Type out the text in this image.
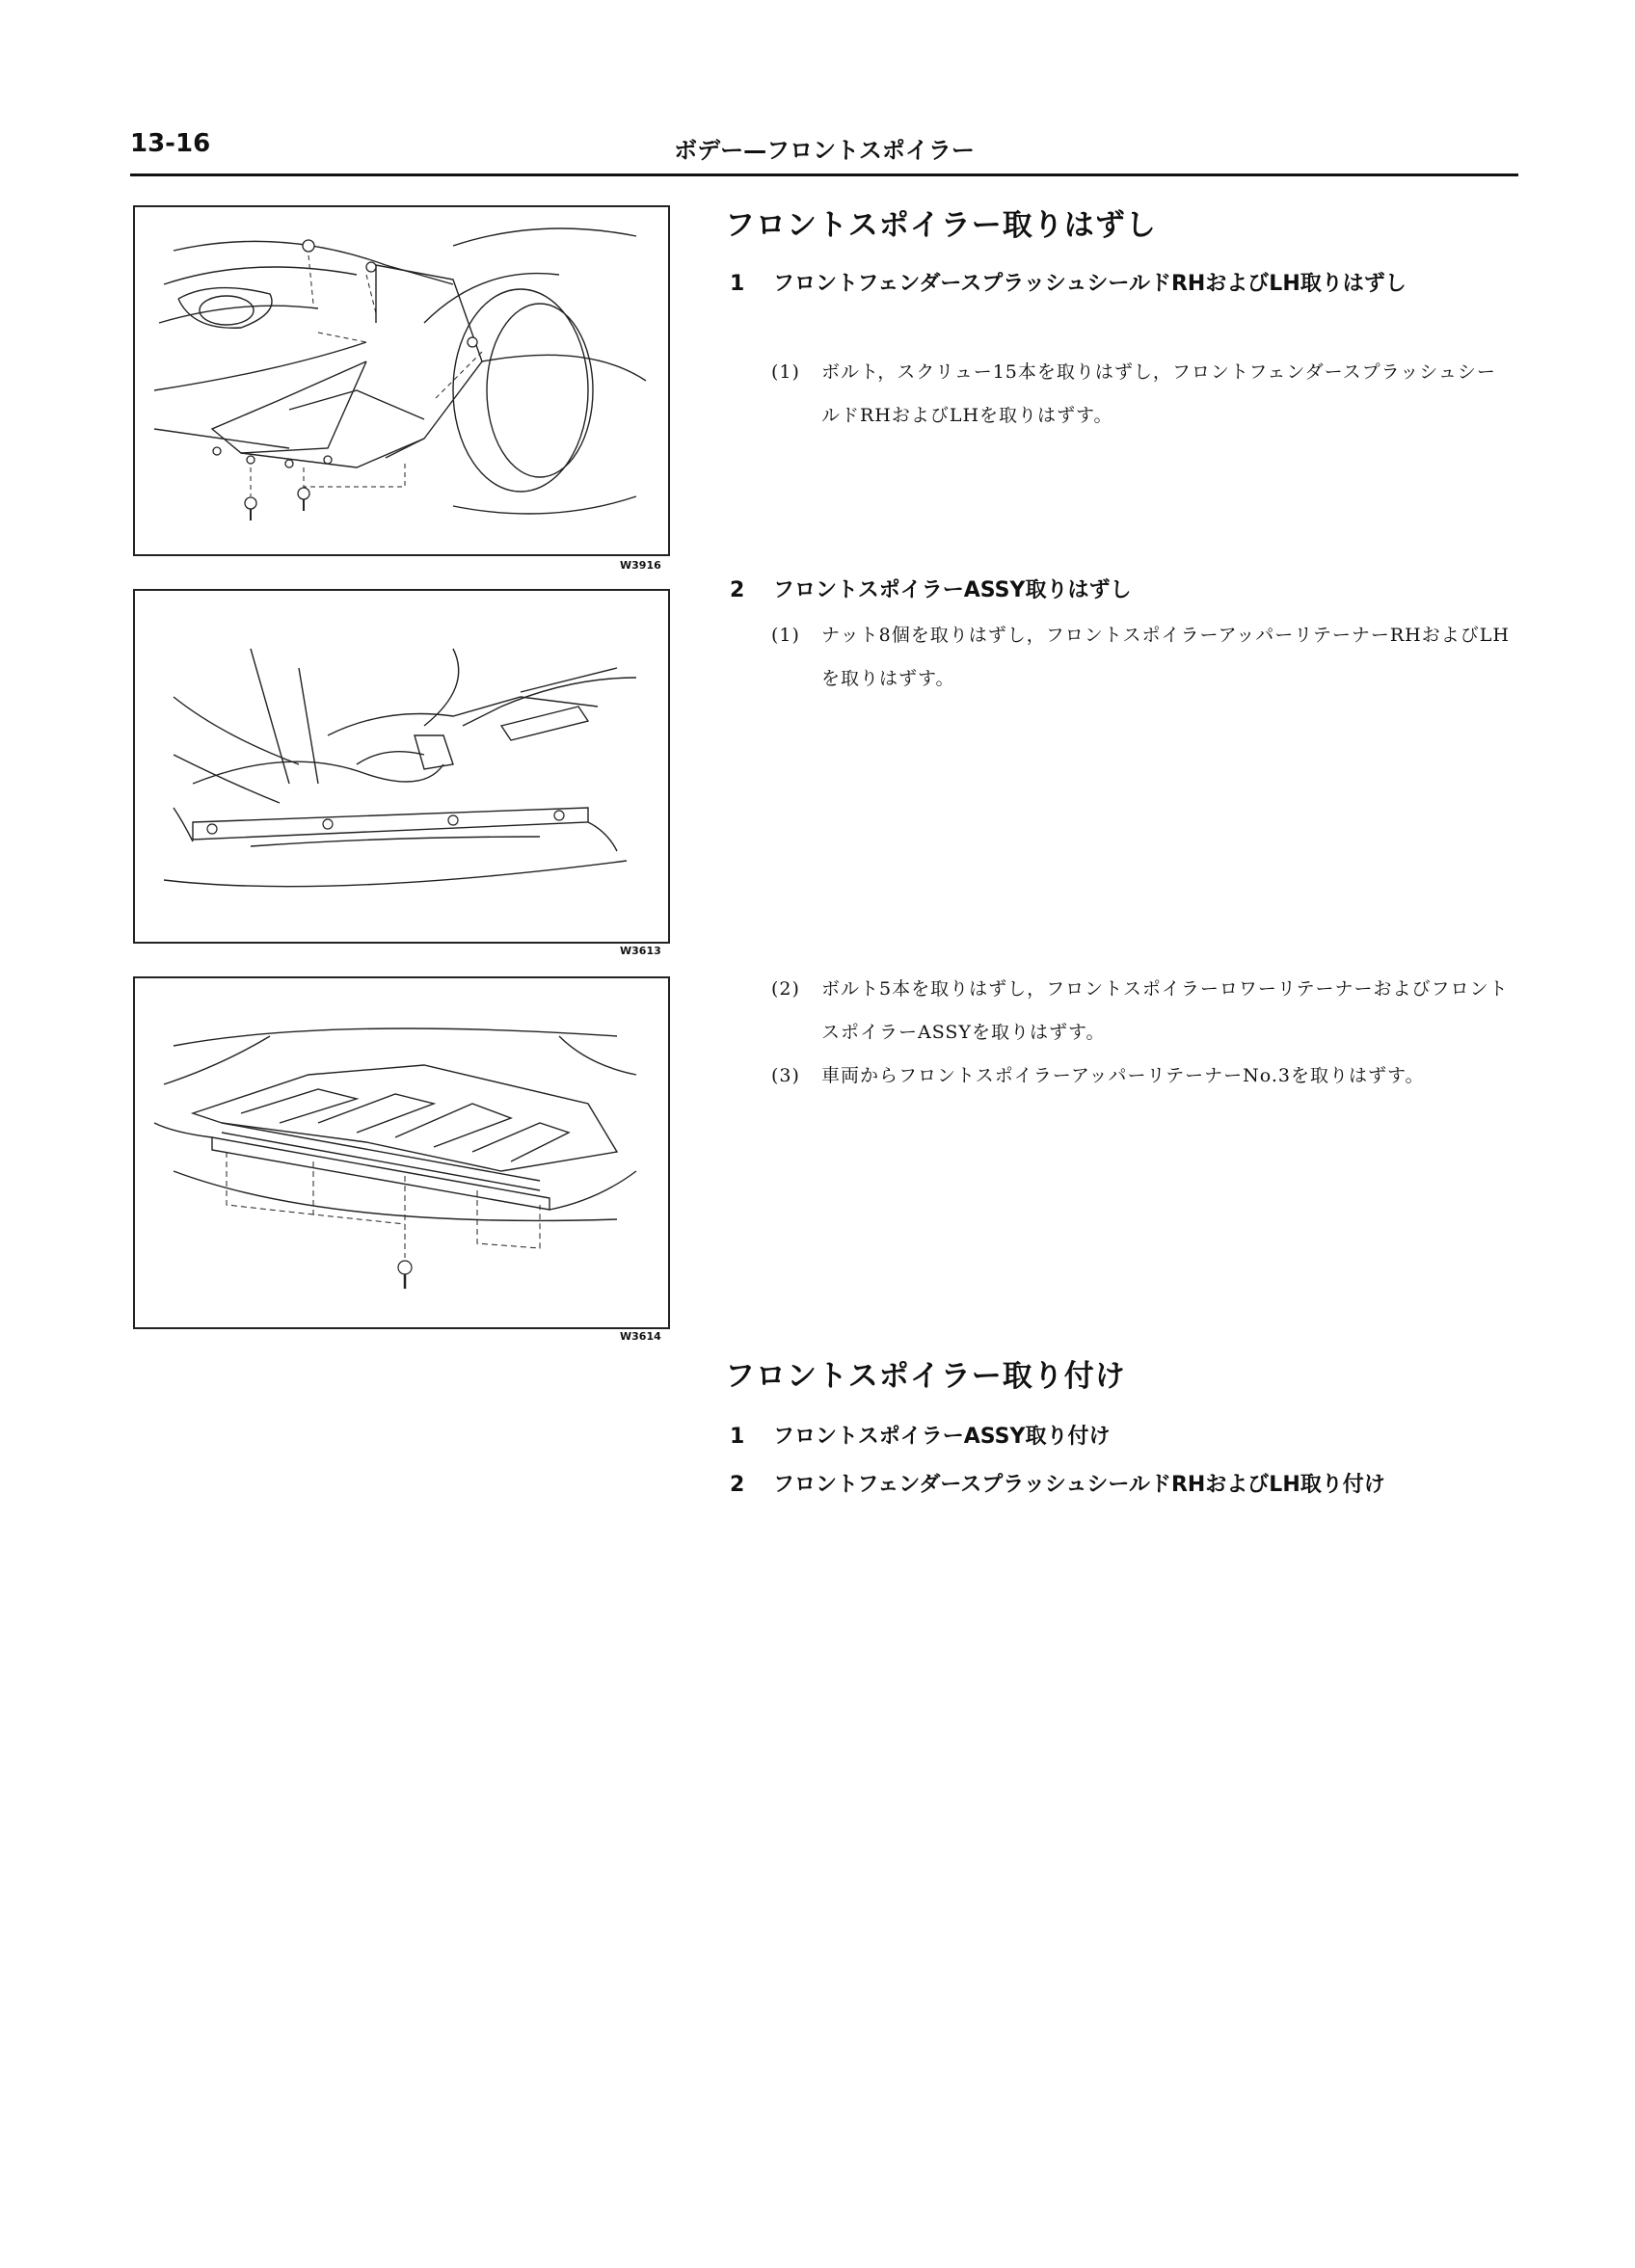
13-16	ボデー—フロントスポイラー
W3916
W3613
W3614
フロントスポイラー取りはずし
1 フロントフェンダースプラッシュシールドRHおよびLH取りはずし
(1) ボルト，スクリュー15本を取りはずし，フロントフェンダースプラッシュシールドRHおよびLHを取りはずす。
2 フロントスポイラーASSY取りはずし
(1) ナット8個を取りはずし，フロントスポイラーアッパーリテーナーRHおよびLHを取りはずす。
(2) ボルト5本を取りはずし，フロントスポイラーロワーリテーナーおよびフロントスポイラーASSYを取りはずす。
(3) 車両からフロントスポイラーアッパーリテーナーNo.3を取りはずす。
フロントスポイラー取り付け
1 フロントスポイラーASSY取り付け
2 フロントフェンダースプラッシュシールドRHおよびLH取り付け
